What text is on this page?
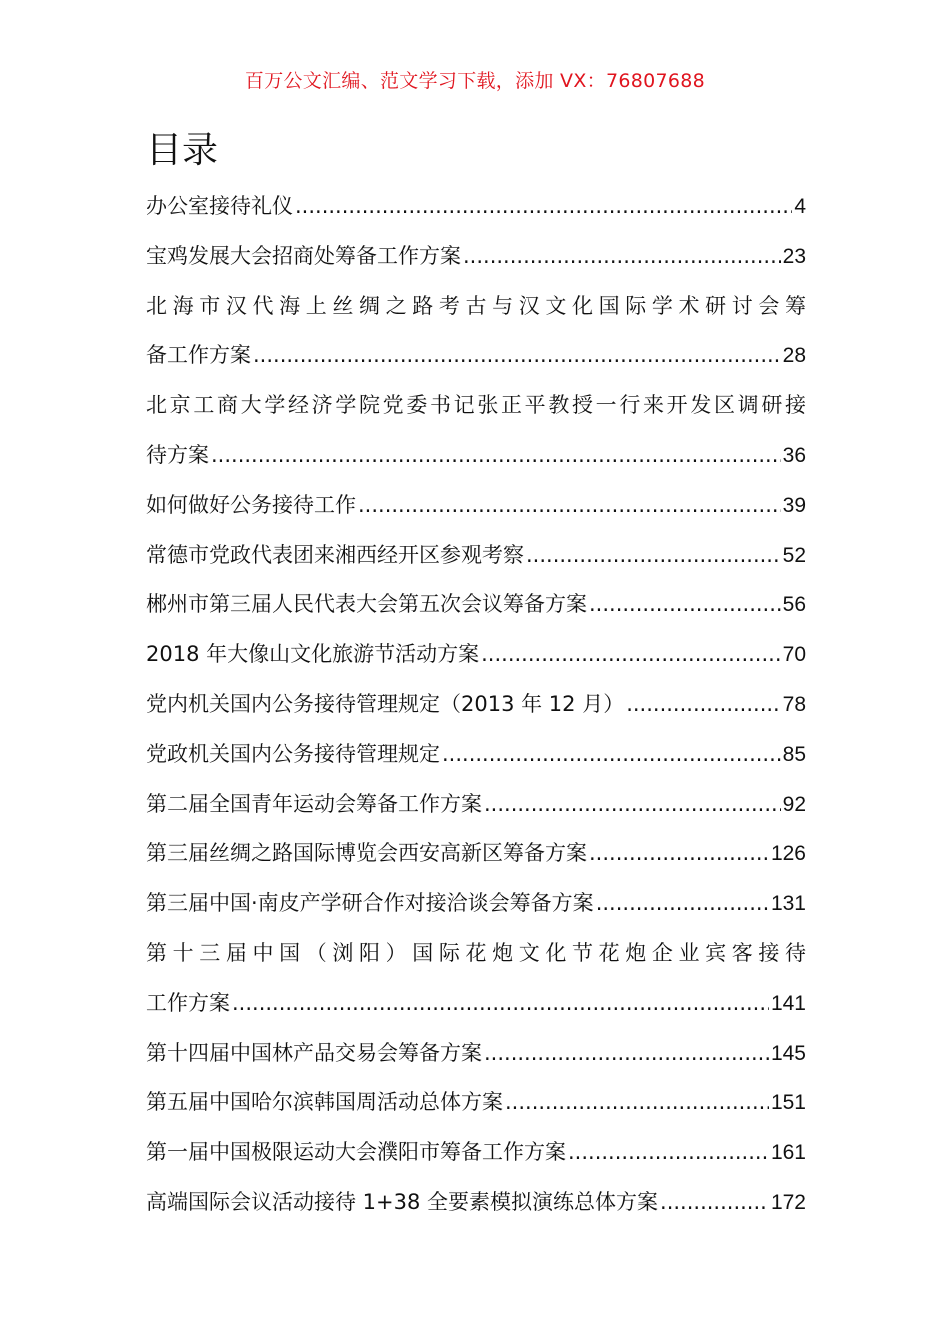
百万公文汇编、范文学习下载，添加 VX：76807688
目录
办公室接待礼仪 .....	4
宝鸡发展大会招商处筹备工作方案 .....	23
北海市汉代海上丝绸之路考古与汉文化国际学术研讨会筹
备工作方案 .....	28
北京工商大学经济学院党委书记张正平教授一行来开发区调研接
待方案 .....	36
如何做好公务接待工作 .....	39
常德市党政代表团来湘西经开区参观考察 .....	52
郴州市第三届人民代表大会第五次会议筹备方案 .....	56
2018 年大像山文化旅游节活动方案 .....	70
党内机关国内公务接待管理规定（2013 年 12 月） .....	78
党政机关国内公务接待管理规定 .....	85
第二届全国青年运动会筹备工作方案 .....	92
第三届丝绸之路国际博览会西安高新区筹备方案 .....	126
第三届中国·南皮产学研合作对接洽谈会筹备方案 .....	131
第十三届中国（浏阳）国际花炮文化节花炮企业宾客接待
工作方案 .....	141
第十四届中国林产品交易会筹备方案 .....	145
第五届中国哈尔滨韩国周活动总体方案 .....	151
第一届中国极限运动大会濮阳市筹备工作方案 .....	161
高端国际会议活动接待 1+38 全要素模拟演练总体方案 .....	172
